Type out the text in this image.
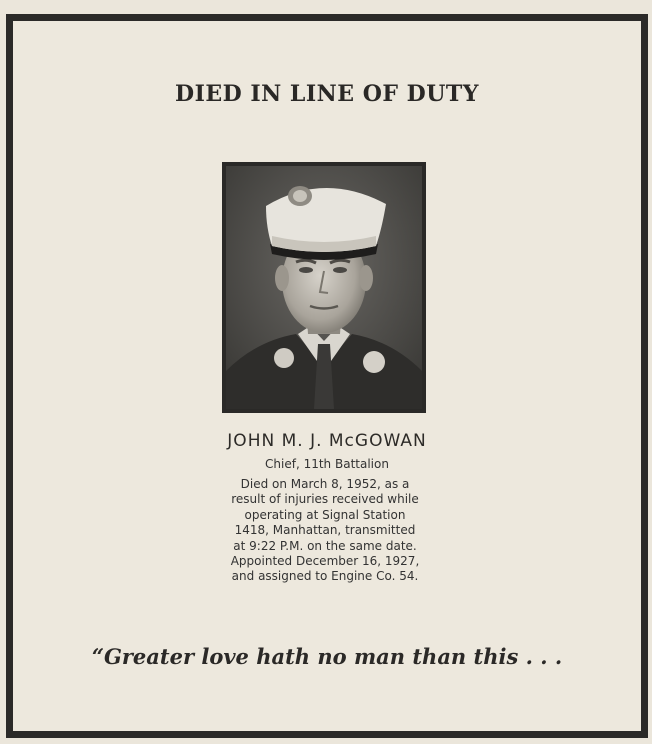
DIED IN LINE OF DUTY
JOHN M. J. McGOWAN
Chief, 11th Battalion
Died on March 8, 1952, as a
result of injuries received while
operating at Signal Station
1418, Manhattan, transmitted
at 9:22 P.M. on the same date.
Appointed December 16, 1927,
and assigned to Engine Co. 54.
“Greater love hath no man than this . . .
